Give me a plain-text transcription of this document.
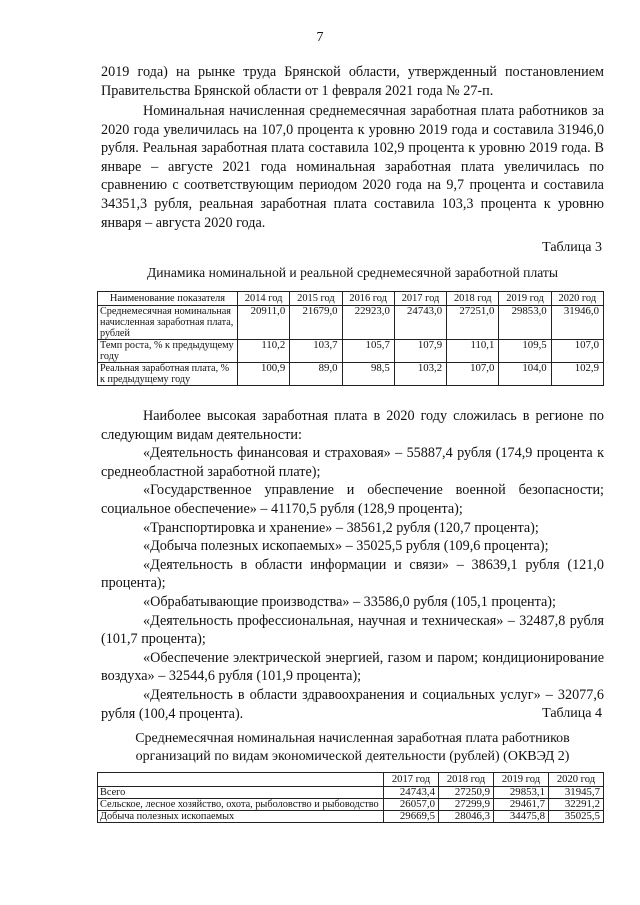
7

2019 года) на рынке труда Брянской области, утвержденный постановлением Правительства Брянской области от 1 февраля 2021 года № 27-п.

Номинальная начисленная среднемесячная заработная плата работников за 2020 года увеличилась на 107,0 процента к уровню 2019 года и составила 31946,0 рубля. Реальная заработная плата составила 102,9 процента к уровню 2019 года. В январе – августе 2021 года номинальная заработная плата увеличилась по сравнению с соответствующим периодом 2020 года на 9,7 процента и составила 34351,3 рубля, реальная заработная плата составила 103,3 процента к уровню января – августа 2020 года.

Таблица 3
Динамика номинальной и реальной среднемесячной заработной платы
Наименование показателя	2014 год	2015 год	2016 год	2017 год	2018 год	2019 год	2020 год
Среднемесячная номинальная начисленная заработная плата, рублей	20911,0	21679,0	22923,0	24743,0	27251,0	29853,0	31946,0
Темп роста, % к предыдущему году	110,2	103,7	105,7	107,9	110,1	109,5	107,0
Реальная заработная плата, % к предыдущему году	100,9	89,0	98,5	103,2	107,0	104,0	102,9
Наиболее высокая заработная плата в 2020 году сложилась в регионе по следующим видам деятельности:
«Деятельность финансовая и страховая» – 55887,4 рубля (174,9 процента к среднеобластной заработной плате);
«Государственное управление и обеспечение военной безопасности; социальное обеспечение» – 41170,5 рубля (128,9 процента);
«Транспортировка и хранение» – 38561,2 рубля (120,7 процента);
«Добыча полезных ископаемых» – 35025,5 рубля (109,6 процента);
«Деятельность в области информации и связи» – 38639,1 рубля (121,0 процента);
«Обрабатывающие производства» – 33586,0 рубля (105,1 процента);
«Деятельность профессиональная, научная и техническая» – 32487,8 рубля (101,7 процента);
«Обеспечение электрической энергией, газом и паром; кондиционирование воздуха» – 32544,6 рубля (101,9 процента);
«Деятельность в области здравоохранения и социальных услуг» – 32077,6 рубля (100,4 процента).	Таблица 4
Среднемесячная номинальная начисленная заработная плата работников
организаций по видам экономической деятельности (рублей) (ОКВЭД 2)
	2017 год	2018 год	2019 год	2020 год
Всего	24743,4	27250,9	29853,1	31945,7
Сельское, лесное хозяйство, охота, рыболовство и рыбоводство	26057,0	27299,9	29461,7	32291,2
Добыча полезных ископаемых	29669,5	28046,3	34475,8	35025,5
